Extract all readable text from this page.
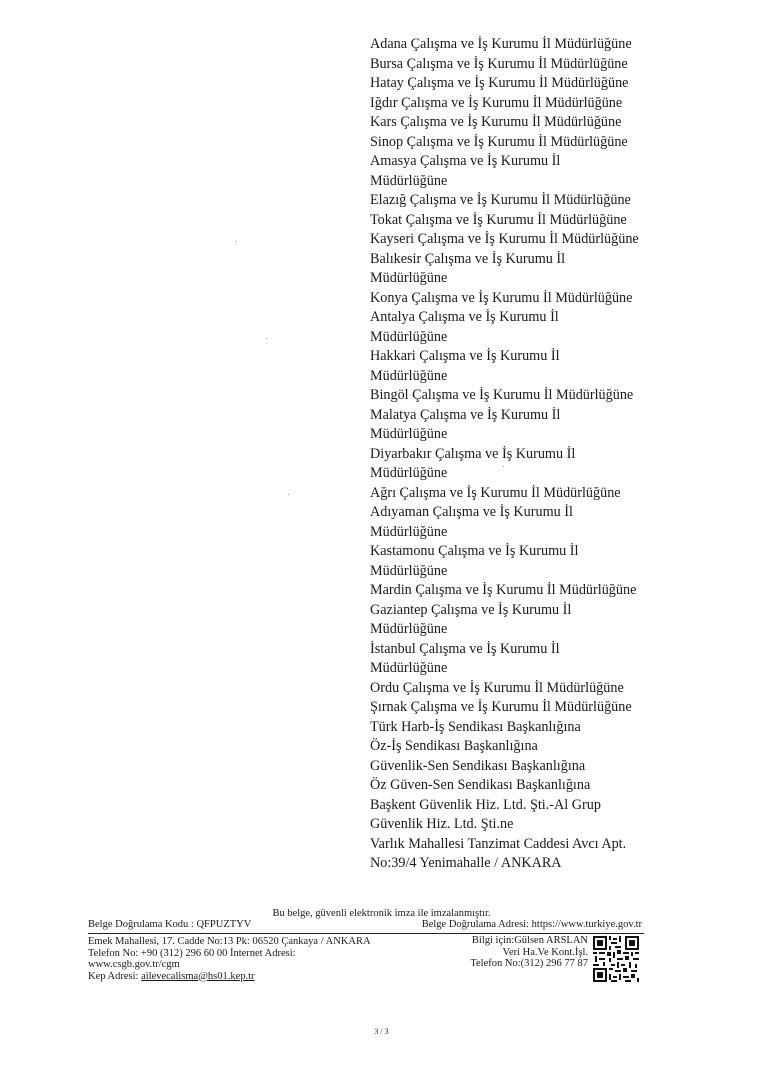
Adana Çalışma ve İş Kurumu İl Müdürlüğüne
Bursa Çalışma ve İş Kurumu İl Müdürlüğüne
Hatay Çalışma ve İş Kurumu İl Müdürlüğüne
Iğdır Çalışma ve İş Kurumu İl Müdürlüğüne
Kars Çalışma ve İş Kurumu İl Müdürlüğüne
Sinop Çalışma ve İş Kurumu İl Müdürlüğüne
Amasya Çalışma ve İş Kurumu İl
Müdürlüğüne
Elazığ Çalışma ve İş Kurumu İl Müdürlüğüne
Tokat Çalışma ve İş Kurumu İl Müdürlüğüne
Kayseri Çalışma ve İş Kurumu İl Müdürlüğüne
Balıkesir Çalışma ve İş Kurumu İl
Müdürlüğüne
Konya Çalışma ve İş Kurumu İl Müdürlüğüne
Antalya Çalışma ve İş Kurumu İl
Müdürlüğüne
Hakkari Çalışma ve İş Kurumu İl
Müdürlüğüne
Bingöl Çalışma ve İş Kurumu İl Müdürlüğüne
Malatya Çalışma ve İş Kurumu İl
Müdürlüğüne
Diyarbakır Çalışma ve İş Kurumu İl
Müdürlüğüne
Ağrı Çalışma ve İş Kurumu İl Müdürlüğüne
Adıyaman Çalışma ve İş Kurumu İl
Müdürlüğüne
Kastamonu Çalışma ve İş Kurumu İl
Müdürlüğüne
Mardin Çalışma ve İş Kurumu İl Müdürlüğüne
Gaziantep Çalışma ve İş Kurumu İl
Müdürlüğüne
İstanbul Çalışma ve İş Kurumu İl
Müdürlüğüne
Ordu Çalışma ve İş Kurumu İl Müdürlüğüne
Şırnak Çalışma ve İş Kurumu İl Müdürlüğüne
Türk Harb-İş Sendikası Başkanlığına
Öz-İş Sendikası Başkanlığına
Güvenlik-Sen Sendikası Başkanlığına
Öz Güven-Sen Sendikası Başkanlığına
Başkent Güvenlik Hiz. Ltd. Şti.-Al Grup
Güvenlik Hiz. Ltd. Şti.ne
Varlık Mahallesi Tanzimat Caddesi Avcı Apt.
No:39/4 Yenimahalle / ANKARA
Bu belge, güvenli elektronik imza ile imzalanmıştır.
Belge Doğrulama Kodu : QFPUZTYV	Belge Doğrulama Adresi: https://www.turkiye.gov.tr
Emek Mahallesi, 17. Cadde No:13 Pk: 06520 Çankaya / ANKARA
Telefon No: +90 (312) 296 60 00 İnternet Adresi:
www.csgb.gov.tr/cgm
Kep Adresi: ailevecalisma@hs01.kep.tr
Bilgi için:Gülsen ARSLAN
Veri Ha.Ve Kont.İşl.
Telefon No:(312) 296 77 87
3 / 3
